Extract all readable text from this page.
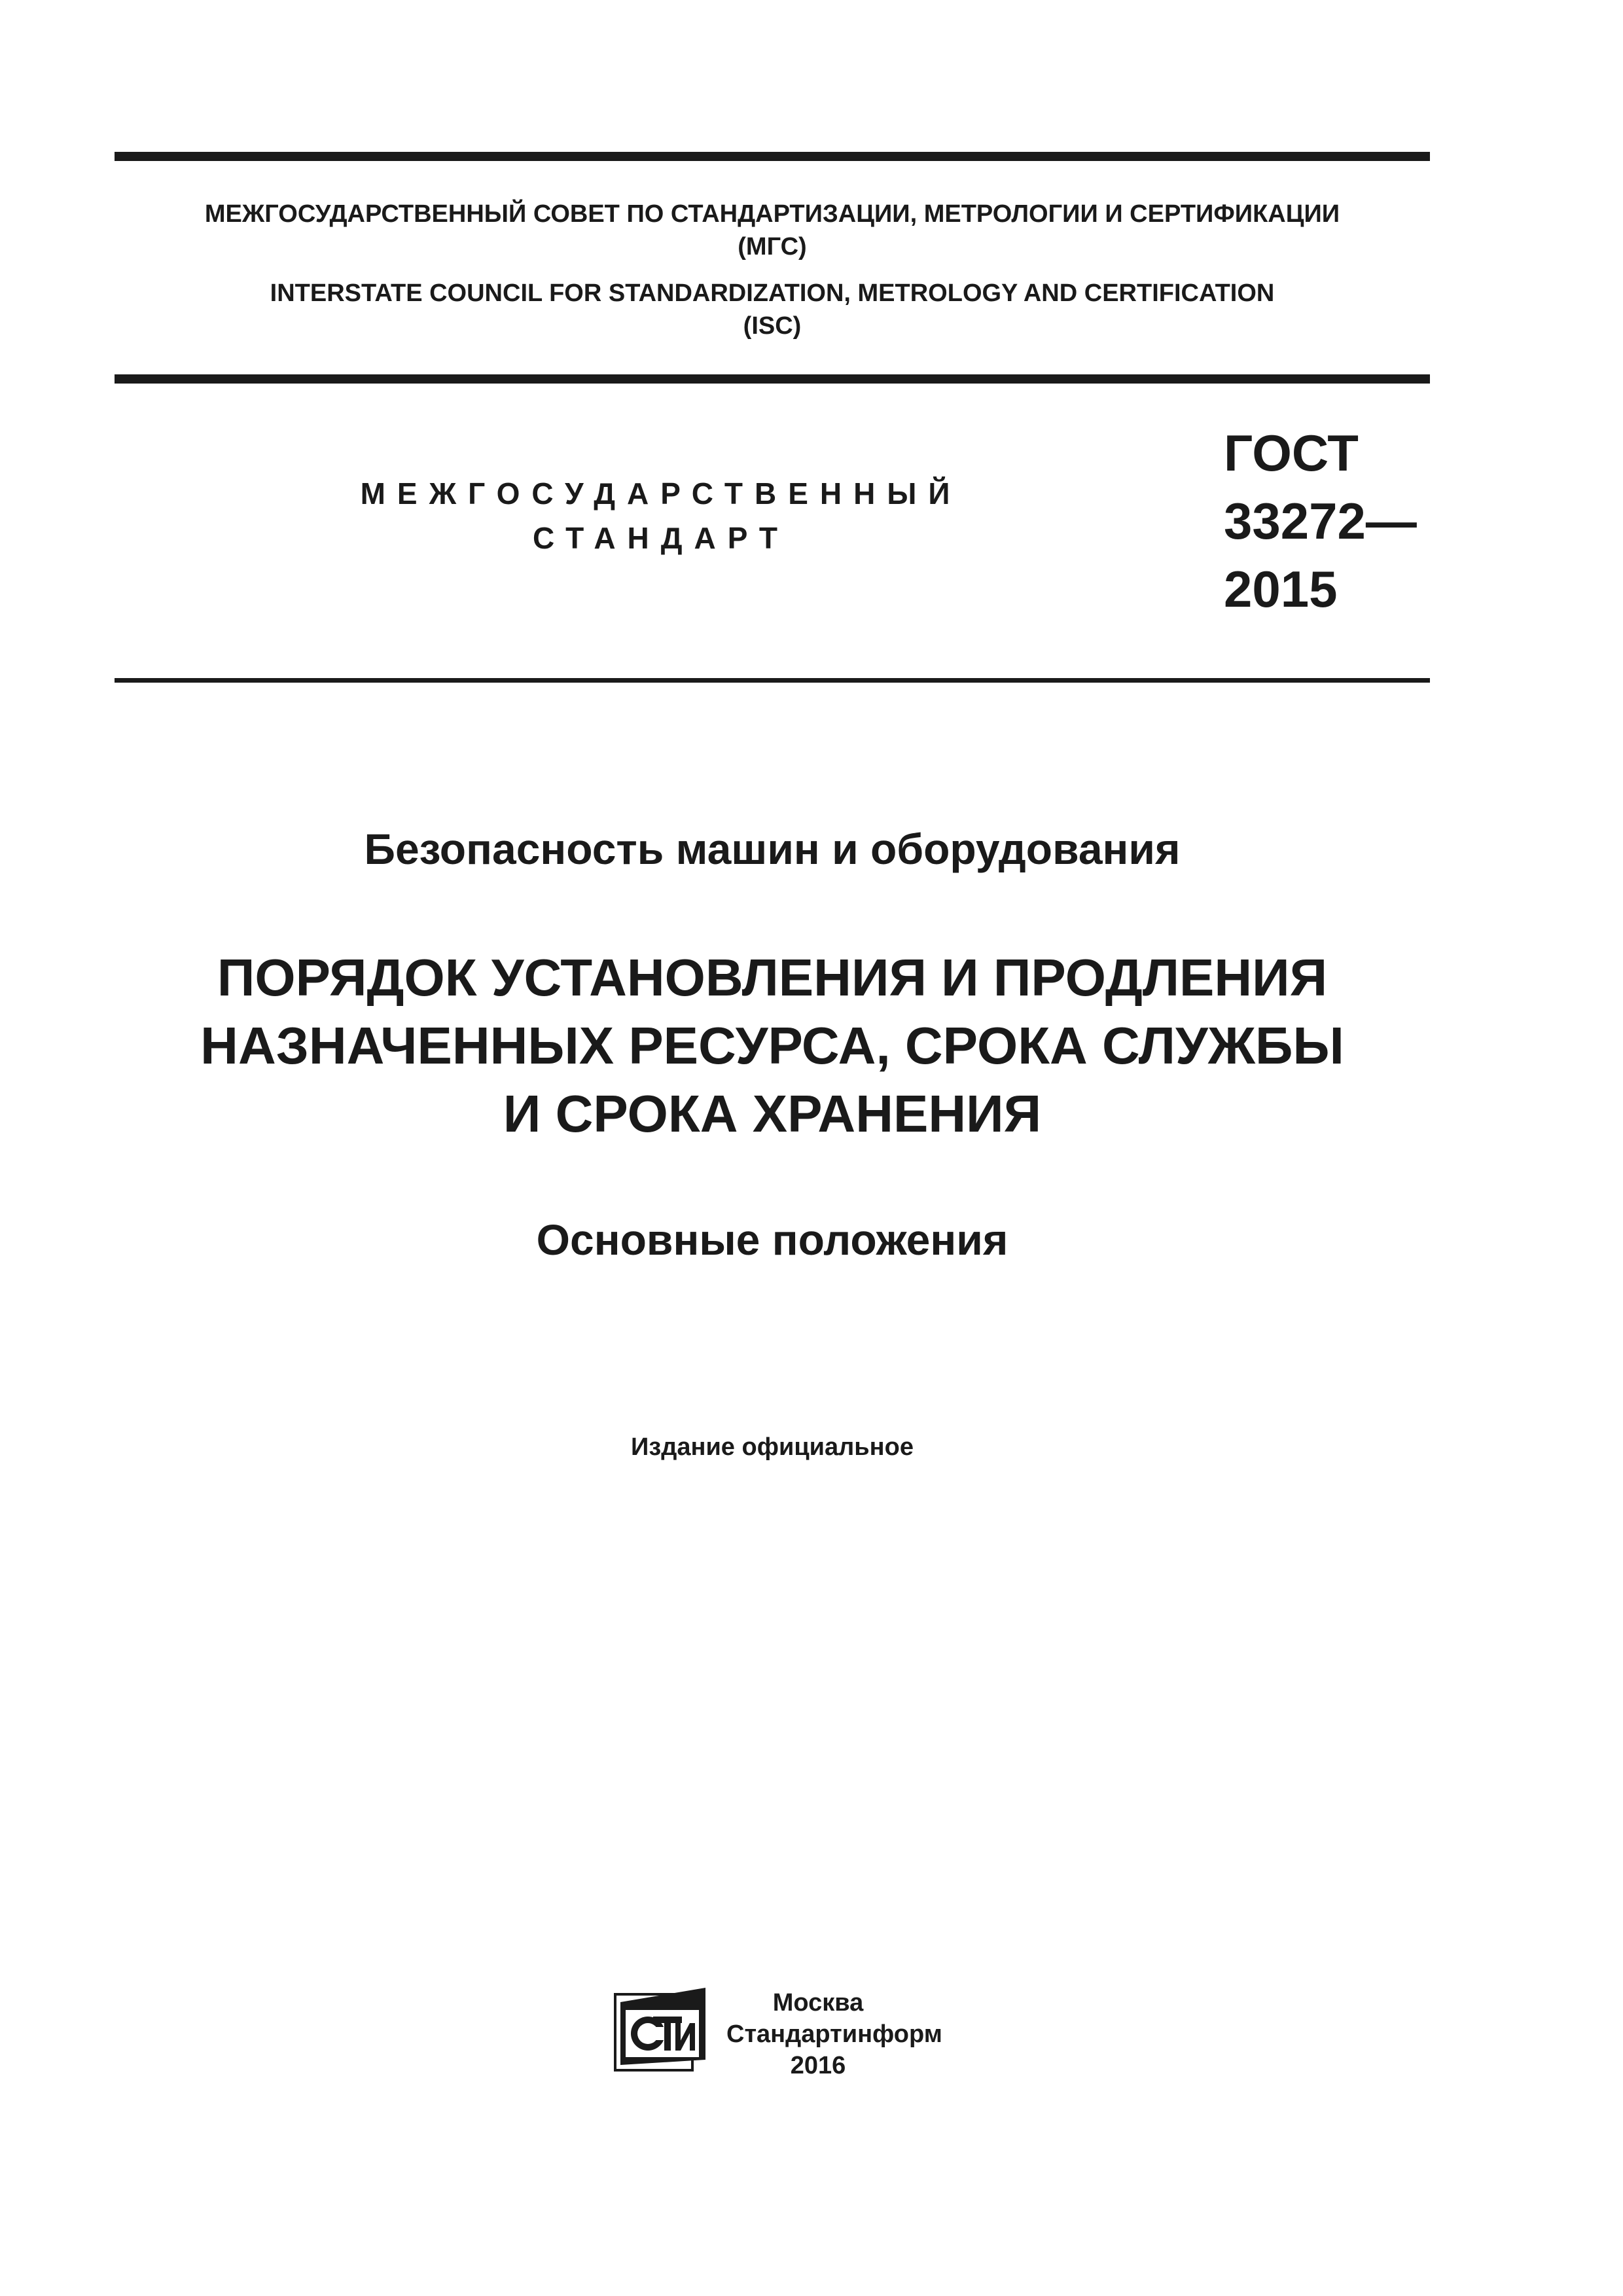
МЕЖГОСУДАРСТВЕННЫЙ СОВЕТ ПО СТАНДАРТИЗАЦИИ, МЕТРОЛОГИИ И СЕРТИФИКАЦИИ
(МГС)
INTERSTATE COUNCIL FOR STANDARDIZATION, METROLOGY AND CERTIFICATION
(ISC)
МЕЖГОСУДАРСТВЕННЫЙ
СТАНДАРТ
ГОСТ
33272—
2015
Безопасность машин и оборудования
ПОРЯДОК УСТАНОВЛЕНИЯ И ПРОДЛЕНИЯ
НАЗНАЧЕННЫХ РЕСУРСА, СРОКА СЛУЖБЫ
И СРОКА ХРАНЕНИЯ
Основные положения
Издание официальное
Москва
Стандартинформ
2016
